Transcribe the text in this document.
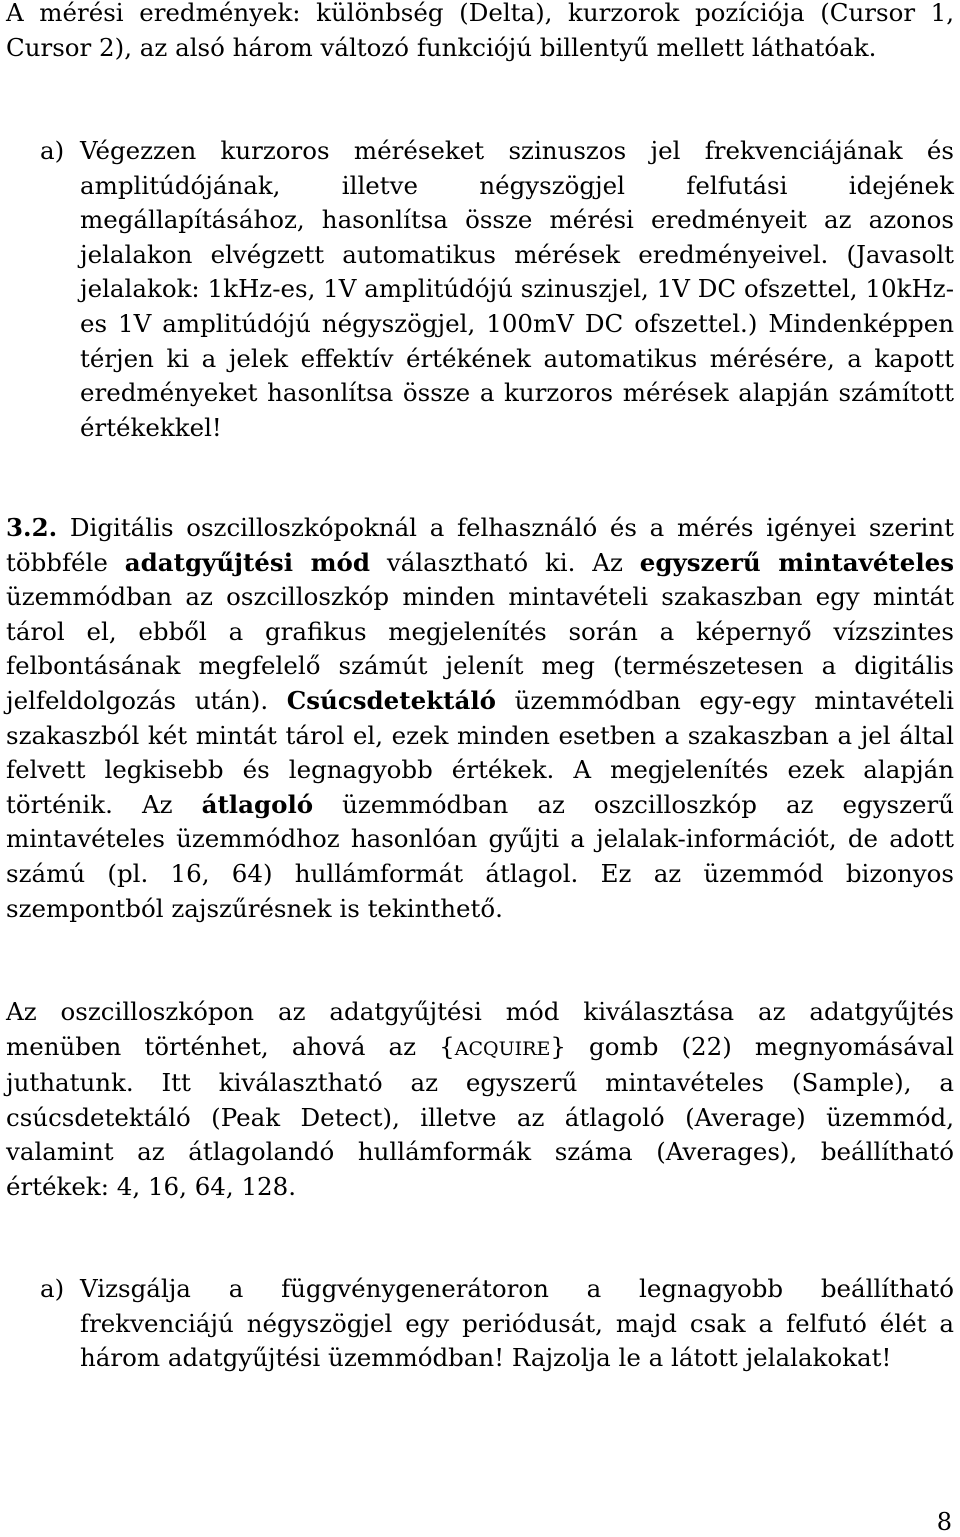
A mérési eredmények: különbség (Delta), kurzorok pozíciója (Cursor 1, Cursor 2), az alsó három változó funkciójú billentyű mellett láthatóak.

a) Végezzen kurzoros méréseket szinuszos jel frekvenciájának és amplitúdójának, illetve négyszögjel felfutási idejének megállapításához, hasonlítsa össze mérési eredményeit az azonos jelalakon elvégzett automatikus mérések eredményeivel. (Javasolt jelalakok: 1kHz-es, 1V amplitúdójú szinuszjel, 1V DC ofszettel, 10kHz-es 1V amplitúdójú négyszögjel, 100mV DC ofszettel.) Mindenképpen térjen ki a jelek effektív értékének automatikus mérésére, a kapott eredményeket hasonlítsa össze a kurzoros mérések alapján számított értékekkel!

3.2. Digitális oszcilloszkópoknál a felhasználó és a mérés igényei szerint többféle adatgyűjtési mód választható ki. Az egyszerű mintavételes üzemmódban az oszcilloszkóp minden mintavételi szakaszban egy mintát tárol el, ebből a grafikus megjelenítés során a képernyő vízszintes felbontásának megfelelő számút jelenít meg (természetesen a digitális jelfeldolgozás után). Csúcsdetektáló üzemmódban egy-egy mintavételi szakaszból két mintát tárol el, ezek minden esetben a szakaszban a jel által felvett legkisebb és legnagyobb értékek. A megjelenítés ezek alapján történik. Az átlagoló üzemmódban az oszcilloszkóp az egyszerű mintavételes üzemmódhoz hasonlóan gyűjti a jelalak-információt, de adott számú (pl. 16, 64) hullámformát átlagol. Ez az üzemmód bizonyos szempontból zajszűrésnek is tekinthető.

Az oszcilloszkópon az adatgyűjtési mód kiválasztása az adatgyűjtés menüben történhet, ahová az {ACQUIRE} gomb (22) megnyomásával juthatunk. Itt kiválasztható az egyszerű mintavételes (Sample), a csúcsdetektáló (Peak Detect), illetve az átlagoló (Average) üzemmód, valamint az átlagolandó hullámformák száma (Averages), beállítható értékek: 4, 16, 64, 128.

a) Vizsgálja a függvénygenerátoron a legnagyobb beállítható frekvenciájú négyszögjel egy periódusát, majd csak a felfutó élét a három adatgyűjtési üzemmódban! Rajzolja le a látott jelalakokat!

8
